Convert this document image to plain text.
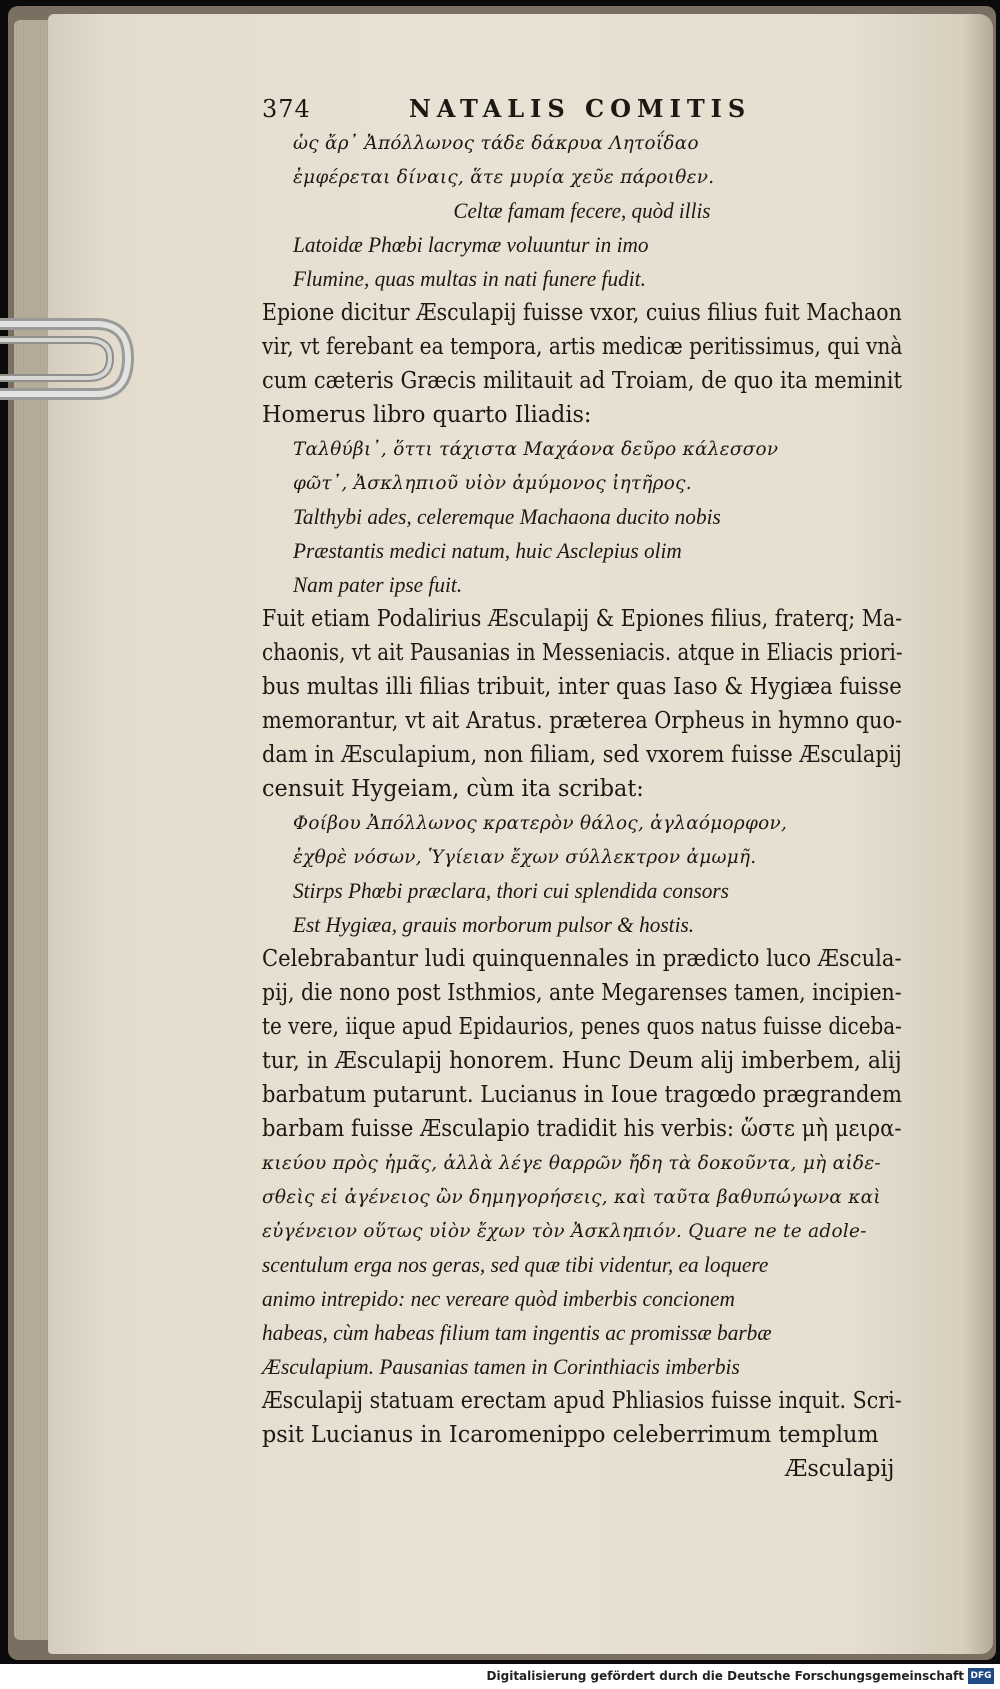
374	NATALIS COMITIS
ὡς ἄρ᾽ Ἀπόλλωνος τάδε δάκρυα Λητοΐδαο
ἐμφέρεται δίναις, ἅτε μυρία χεῦε πάροιθεν.
Celtæ famam fecere, quòd illis
Latoidæ Phœbi lacrymæ voluuntur in imo
Flumine, quas multas in nati funere fudit.
Epione dicitur Æsculapij fuisse vxor, cuius filius fuit Machaon
vir, vt ferebant ea tempora, artis medicæ peritissimus, qui vnà
cum cæteris Græcis militauit ad Troiam, de quo ita meminit
Homerus libro quarto Iliadis:
Ταλθύβι᾽, ὅττι τάχιστα Μαχάονα δεῦρο κάλεσσον
φῶτ᾽, Ἀσκληπιοῦ υἱὸν ἀμύμονος ἰητῆρος.
Talthybi ades, celeremque Machaona ducito nobis
Præstantis medici natum, huic Asclepius olim
Nam pater ipse fuit.
Fuit etiam Podalirius Æsculapij & Epiones filius, fraterq; Ma-
chaonis, vt ait Pausanias in Messeniacis. atque in Eliacis priori-
bus multas illi filias tribuit, inter quas Iaso & Hygiæa fuisse
memorantur, vt ait Aratus. præterea Orpheus in hymno quo-
dam in Æsculapium, non filiam, sed vxorem fuisse Æsculapij
censuit Hygeiam, cùm ita scribat:
Φοίβου Ἀπόλλωνος κρατερὸν θάλος, ἀγλαόμορφον,
ἐχθρὲ νόσων, Ὑγίειαν ἔχων σύλλεκτρον ἀμωμῆ.
Stirps Phœbi præclara, thori cui splendida consors
Est Hygiæa, grauis morborum pulsor & hostis.
Celebrabantur ludi quinquennales in prædicto luco Æscula-
pij, die nono post Isthmios, ante Megarenses tamen, incipien-
te vere, iique apud Epidaurios, penes quos natus fuisse diceba-
tur, in Æsculapij honorem. Hunc Deum alij imberbem, alij
barbatum putarunt. Lucianus in Ioue tragœdo prægrandem
barbam fuisse Æsculapio tradidit his verbis: ὥστε μὴ μειρα-
κιεύου πρὸς ἡμᾶς, ἀλλὰ λέγε θαρρῶν ἤδη τὰ δοκοῦντα, μὴ αἰδε-
σθεὶς εἰ ἀγένειος ὢν δημηγορήσεις, καὶ ταῦτα βαθυπώγωνα καὶ
εὐγένειον οὕτως υἱὸν ἔχων τὸν Ἀσκληπιόν. Quare ne te adole-
scentulum erga nos geras, sed quæ tibi videntur, ea loquere
animo intrepido: nec vereare quòd imberbis concionem
habeas, cùm habeas filium tam ingentis ac promissæ barbæ
Æsculapium. Pausanias tamen in Corinthiacis imberbis
Æsculapij statuam erectam apud Phliasios fuisse inquit. Scri-
psit Lucianus in Icaromenippo celeberrimum templum
Æsculapij
Digitalisierung gefördert durch die Deutsche Forschungsgemeinschaft DFG
